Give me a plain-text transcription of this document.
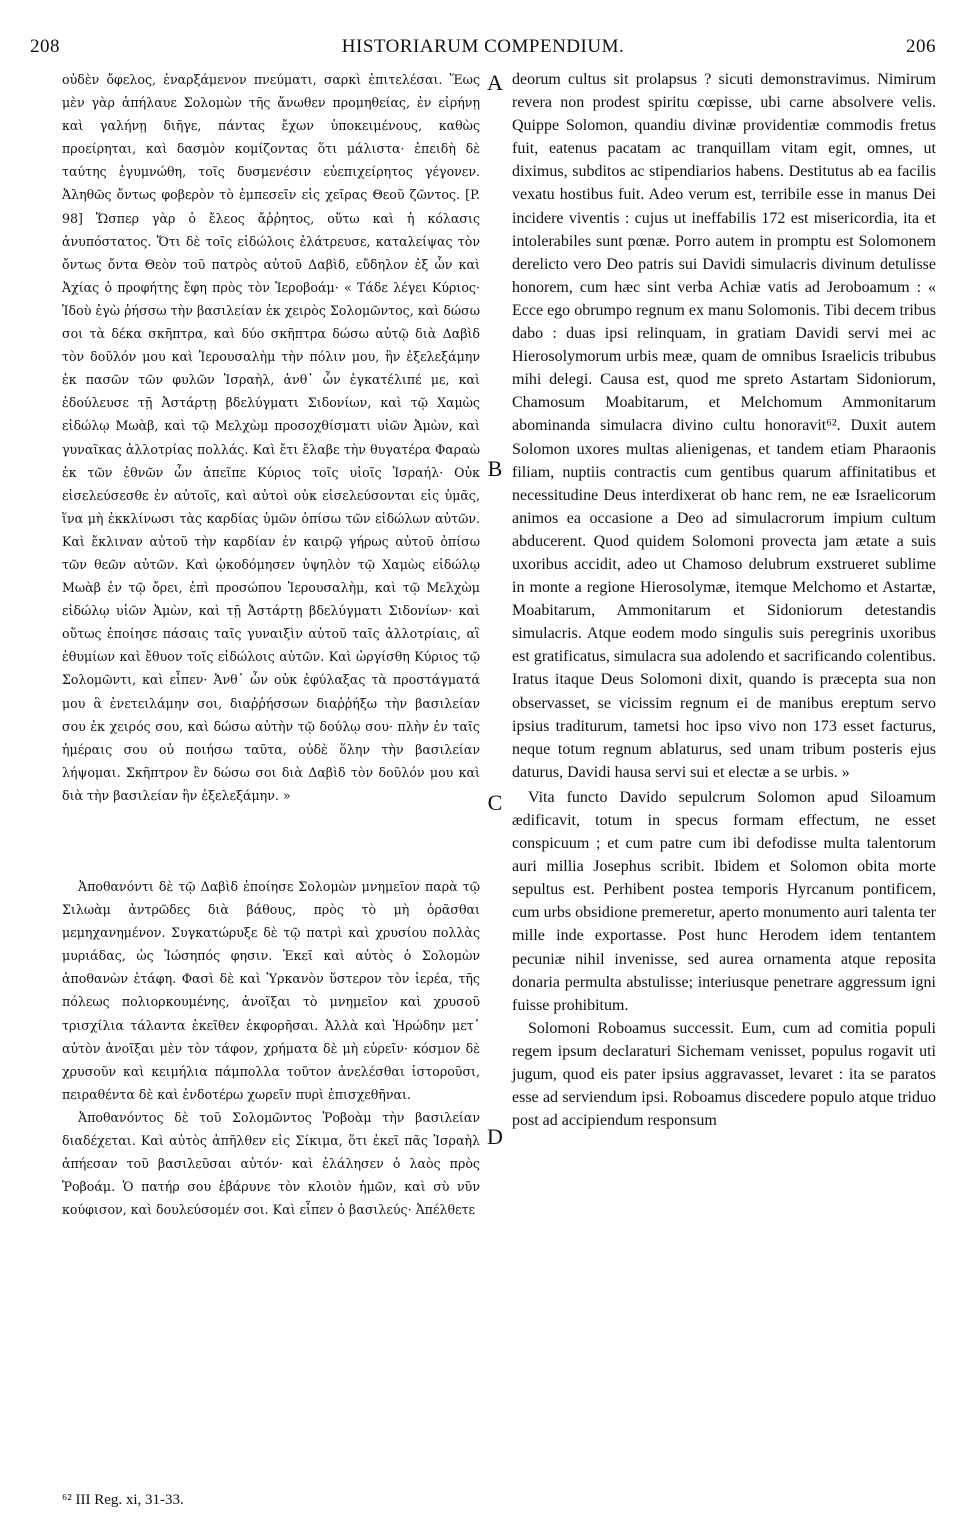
208	HISTORIARUM COMPENDIUM.	206

οὐδὲν ὄφελος, ἐναρξάμενον πνεύματι, σαρκὶ ἐπιτελέσαι. Ἕως μὲν γὰρ ἀπήλαυε Σολομὼν τῆς ἄνωθεν προμηθείας, ἐν εἰρήνῃ καὶ γαλήνῃ διῆγε, πάντας ἔχων ὑποκειμένους, καθὼς προείρηται, καὶ δασμὸν κομίζοντας ὅτι μάλιστα· ἐπειδὴ δὲ ταύτης ἐγυμνώθη, τοῖς δυσμενέσιν εὐεπιχείρητος γέγονεν. Ἀληθῶς ὄντως φοβερὸν τὸ ἐμπεσεῖν εἰς χεῖρας Θεοῦ ζῶντος. [P. 98] Ὥσπερ γὰρ ὁ ἔλεος ἄῤῥητος, οὕτω καὶ ἡ κόλασις ἀνυπόστατος. Ὅτι δὲ τοῖς εἰδώλοις ἐλάτρευσε, καταλείψας τὸν ὄντως ὄντα Θεὸν τοῦ πατρὸς αὐτοῦ Δαβὶδ, εὔδηλον ἐξ ὧν καὶ Ἀχίας ὁ προφήτης ἔφη πρὸς τὸν Ἱεροβοάμ· « Τάδε λέγει Κύριος· Ἰδοὺ ἐγὼ ῥήσσω τὴν βασιλείαν ἐκ χειρὸς Σολομῶντος, καὶ δώσω σοι τὰ δέκα σκῆπτρα, καὶ δύο σκῆπτρα δώσω αὐτῷ διὰ Δαβὶδ τὸν δοῦλόν μου καὶ Ἱερουσαλὴμ τὴν πόλιν μου, ἣν ἐξελεξάμην ἐκ πασῶν τῶν φυλῶν Ἰσραὴλ, ἀνθ᾽ ὧν ἐγκατέλιπέ με, καὶ ἐδούλευσε τῇ Ἀστάρτῃ βδελύγματι Σιδονίων, καὶ τῷ Χαμὼς εἰδώλῳ Μωὰβ, καὶ τῷ Μελχὼμ προσοχθίσματι υἱῶν Ἀμὼν, καὶ γυναῖκας ἀλλοτρίας πολλάς. Καὶ ἔτι ἔλαβε τὴν θυγατέρα Φαραὼ ἐκ τῶν ἐθνῶν ὧν ἀπεῖπε Κύριος τοῖς υἱοῖς Ἰσραήλ· Οὐκ εἰσελεύσεσθε ἐν αὐτοῖς, καὶ αὐτοὶ οὐκ εἰσελεύσονται εἰς ὑμᾶς, ἵνα μὴ ἐκκλίνωσι τὰς καρδίας ὑμῶν ὀπίσω τῶν εἰδώλων αὐτῶν. Καὶ ἔκλιναν αὐτοῦ τὴν καρδίαν ἐν καιρῷ γήρως αὐτοῦ ὀπίσω τῶν θεῶν αὐτῶν. Καὶ ᾠκοδόμησεν ὑψηλὸν τῷ Χαμὼς εἰδώλῳ Μωὰβ ἐν τῷ ὄρει, ἐπὶ προσώπου Ἱερουσαλὴμ, καὶ τῷ Μελχὼμ εἰδώλῳ υἱῶν Ἀμὼν, καὶ τῇ Ἀστάρτῃ βδελύγματι Σιδονίων· καὶ οὕτως ἐποίησε πάσαις ταῖς γυναιξὶν αὐτοῦ ταῖς ἀλλοτρίαις, αἳ ἐθυμίων καὶ ἔθυον τοῖς εἰδώλοις αὐτῶν. Καὶ ὠργίσθη Κύριος τῷ Σολομῶντι, καὶ εἶπεν· Ἀνθ᾽ ὧν οὐκ ἐφύλαξας τὰ προστάγματά μου ἃ ἐνετειλάμην σοι, διαῤῥήσσων διαῤῥήξω τὴν βασιλείαν σου ἐκ χειρός σου, καὶ δώσω αὐτὴν τῷ δούλῳ σου· πλὴν ἐν ταῖς ἡμέραις σου οὐ ποιήσω ταῦτα, οὐδὲ ὅλην τὴν βασιλείαν λήψομαι. Σκῆπτρον ἓν δώσω σοι διὰ Δαβὶδ τὸν δοῦλόν μου καὶ διὰ τὴν βασιλείαν ἣν ἐξελεξάμην. »

Ἀποθανόντι δὲ τῷ Δαβὶδ ἐποίησε Σολομὼν μνημεῖον παρὰ τῷ Σιλωὰμ ἀντρῶδες διὰ βάθους, πρὸς τὸ μὴ ὁρᾶσθαι μεμηχανημένον. Συγκατώρυξε δὲ τῷ πατρὶ καὶ χρυσίου πολλὰς μυριάδας, ὡς Ἰώσηπός φησιν. Ἐκεῖ καὶ αὐτὸς ὁ Σολομὼν ἀποθανὼν ἐτάφη. Φασὶ δὲ καὶ Ὑρκανὸν ὕστερον τὸν ἱερέα, τῆς πόλεως πολιορκουμένης, ἀνοῖξαι τὸ μνημεῖον καὶ χρυσοῦ τρισχίλια τάλαντα ἐκεῖθεν ἐκφορῆσαι. Ἀλλὰ καὶ Ἡρώδην μετ᾽ αὐτὸν ἀνοῖξαι μὲν τὸν τάφον, χρήματα δὲ μὴ εὑρεῖν· κόσμον δὲ χρυσοῦν καὶ κειμήλια πάμπολλα τοῦτον ἀνελέσθαι ἱστοροῦσι, πειραθέντα δὲ καὶ ἐνδοτέρω χωρεῖν πυρὶ ἐπισχεθῆναι.

Ἀποθανόντος δὲ τοῦ Σολομῶντος Ῥοβοὰμ τὴν βασιλείαν διαδέχεται. Καὶ αὐτὸς ἀπῆλθεν εἰς Σίκιμα, ὅτι ἐκεῖ πᾶς Ἰσραὴλ ἀπήεσαν τοῦ βασιλεῦσαι αὐτόν· καὶ ἐλάλησεν ὁ λαὸς πρὸς Ῥοβοάμ. Ὁ πατήρ σου ἐβάρυνε τὸν κλοιὸν ἡμῶν, καὶ σὺ νῦν κούφισον, καὶ δουλεύσομέν σοι. Καὶ εἶπεν ὁ βασιλεύς· Ἀπέλθετε

A
B
C
D

deorum cultus sit prolapsus ? sicuti demonstravimus. Nimirum revera non prodest spiritu cœpisse, ubi carne absolvere velis. Quippe Solomon, quandiu divinæ providentiæ commodis fretus fuit, eatenus pacatam ac tranquillam vitam egit, omnes, ut diximus, subditos ac stipendiarios habens. Destitutus ab ea facilis vexatu hostibus fuit. Adeo verum est, terribile esse in manus Dei incidere viventis : cujus ut ineffabilis 172 est misericordia, ita et intolerabiles sunt pœnæ. Porro autem in promptu est Solomonem derelicto vero Deo patris sui Davidi simulacris divinum detulisse honorem, cum hæc sint verba Achiæ vatis ad Jeroboamum : « Ecce ego obrumpo regnum ex manu Solomonis. Tibi decem tribus dabo : duas ipsi relinquam, in gratiam Davidi servi mei ac Hierosolymorum urbis meæ, quam de omnibus Israelicis tribubus mihi delegi. Causa est, quod me spreto Astartam Sidoniorum, Chamosum Moabitarum, et Melchomum Ammonitarum abominanda simulacra divino cultu honoravit⁶². Duxit autem Solomon uxores multas alienigenas, et tandem etiam Pharaonis filiam, nuptiis contractis cum gentibus quarum affinitatibus et necessitudine Deus interdixerat ob hanc rem, ne eæ Israelicorum animos ea occasione a Deo ad simulacrorum impium cultum abducerent. Quod quidem Solomoni provecta jam ætate a suis uxoribus accidit, adeo ut Chamoso delubrum exstrueret sublime in monte a regione Hierosolymæ, itemque Melchomo et Astartæ, Moabitarum, Ammonitarum et Sidoniorum detestandis simulacris. Atque eodem modo singulis suis peregrinis uxoribus est gratificatus, simulacra sua adolendo et sacrificando colentibus. Iratus itaque Deus Solomoni dixit, quando is præcepta sua non observasset, se vicissim regnum ei de manibus ereptum servo ipsius traditurum, tametsi hoc ipso vivo non 173 esset facturus, neque totum regnum ablaturus, sed unam tribum posteris ejus daturus, Davidi hausa servi sui et electæ a se urbis. »

Vita functo Davido sepulcrum Solomon apud Siloamum ædificavit, totum in specus formam effectum, ne esset conspicuum ; et cum patre cum ibi defodisse multa talentorum auri millia Josephus scribit. Ibidem et Solomon obita morte sepultus est. Perhibent postea temporis Hyrcanum pontificem, cum urbs obsidione premeretur, aperto monumento auri talenta ter mille inde exportasse. Post hunc Herodem idem tentantem pecuniæ nihil invenisse, sed aurea ornamenta atque reposita donaria permulta abstulisse; interiusque penetrare aggressum igni fuisse prohibitum.

Solomoni Roboamus successit. Eum, cum ad comitia populi regem ipsum declaraturi Sichemam venisset, populus rogavit uti jugum, quod eis pater ipsius aggravasset, levaret : ita se paratos esse ad serviendum ipsi. Roboamus discedere populo atque triduo post ad accipiendum responsum

⁶² III Reg. xi, 31-33.
